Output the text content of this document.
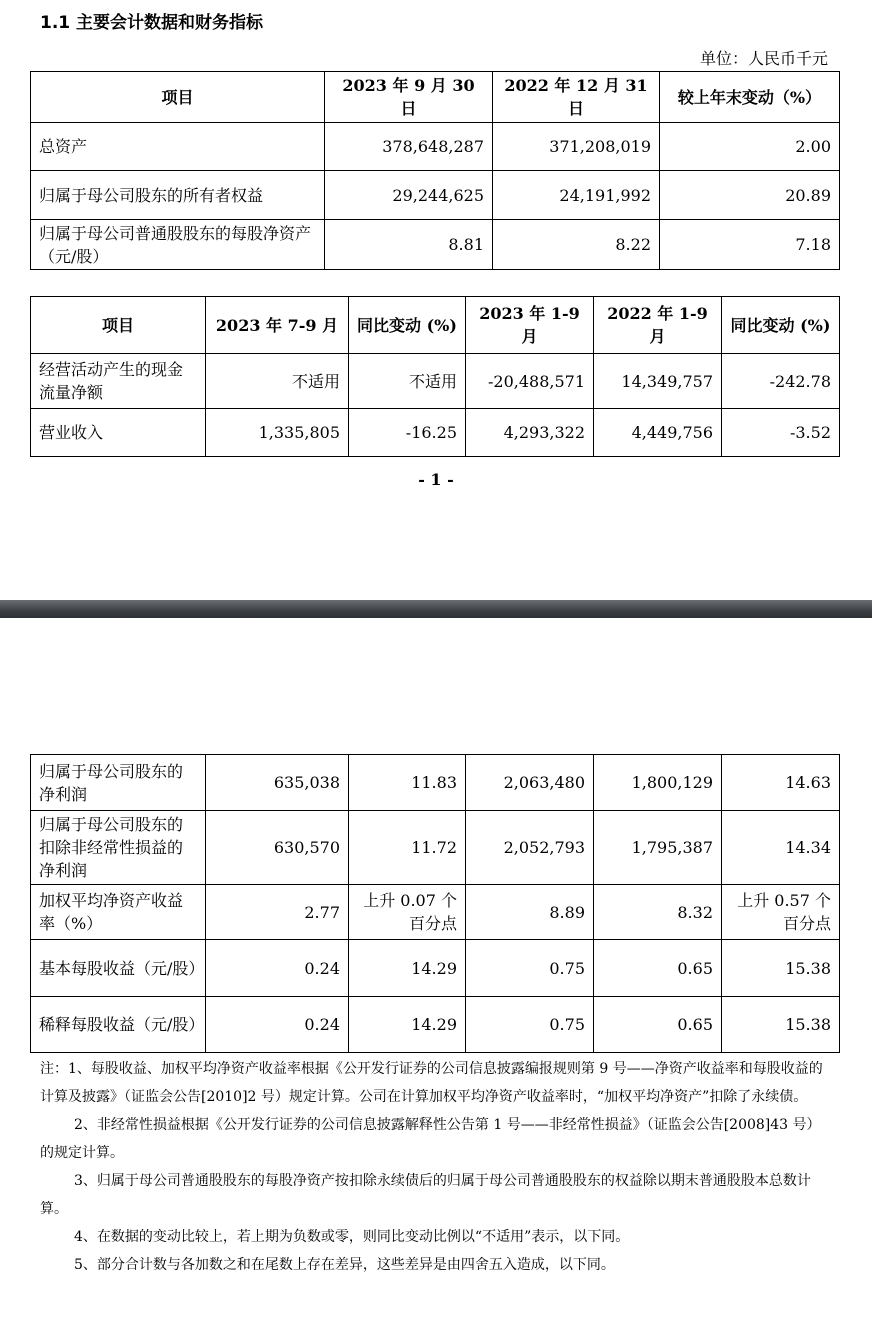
1.1 主要会计数据和财务指标
单位：人民币千元
项目	2023 年 9 月 30 日	2022 年 12 月 31 日	较上年末变动（%）
总资产	378,648,287	371,208,019	2.00
归属于母公司股东的所有者权益	29,244,625	24,191,992	20.89
归属于母公司普通股股东的每股净资产（元/股）	8.81	8.22	7.18
项目	2023 年 7-9 月	同比变动 (%)	2023 年 1-9 月	2022 年 1-9 月	同比变动 (%)
经营活动产生的现金流量净额	不适用	不适用	-20,488,571	14,349,757	-242.78
营业收入	1,335,805	-16.25	4,293,322	4,449,756	-3.52
- 1 -
归属于母公司股东的净利润	635,038	11.83	2,063,480	1,800,129	14.63
归属于母公司股东的扣除非经常性损益的净利润	630,570	11.72	2,052,793	1,795,387	14.34
加权平均净资产收益率（%）	2.77	上升 0.07 个百分点	8.89	8.32	上升 0.57 个百分点
基本每股收益（元/股）	0.24	14.29	0.75	0.65	15.38
稀释每股收益（元/股）	0.24	14.29	0.75	0.65	15.38

注：1、每股收益、加权平均净资产收益率根据《公开发行证券的公司信息披露编报规则第 9 号——净资产收益率和每股收益的计算及披露》（证监会公告[2010]2 号）规定计算。公司在计算加权平均净资产收益率时，“加权平均净资产”扣除了永续债。

2、非经常性损益根据《公开发行证券的公司信息披露解释性公告第 1 号——非经常性损益》（证监会公告[2008]43 号）的规定计算。

3、归属于母公司普通股股东的每股净资产按扣除永续债后的归属于母公司普通股股东的权益除以期末普通股股本总数计算。

4、在数据的变动比较上，若上期为负数或零，则同比变动比例以“不适用”表示，以下同。

5、部分合计数与各加数之和在尾数上存在差异，这些差异是由四舍五入造成，以下同。
